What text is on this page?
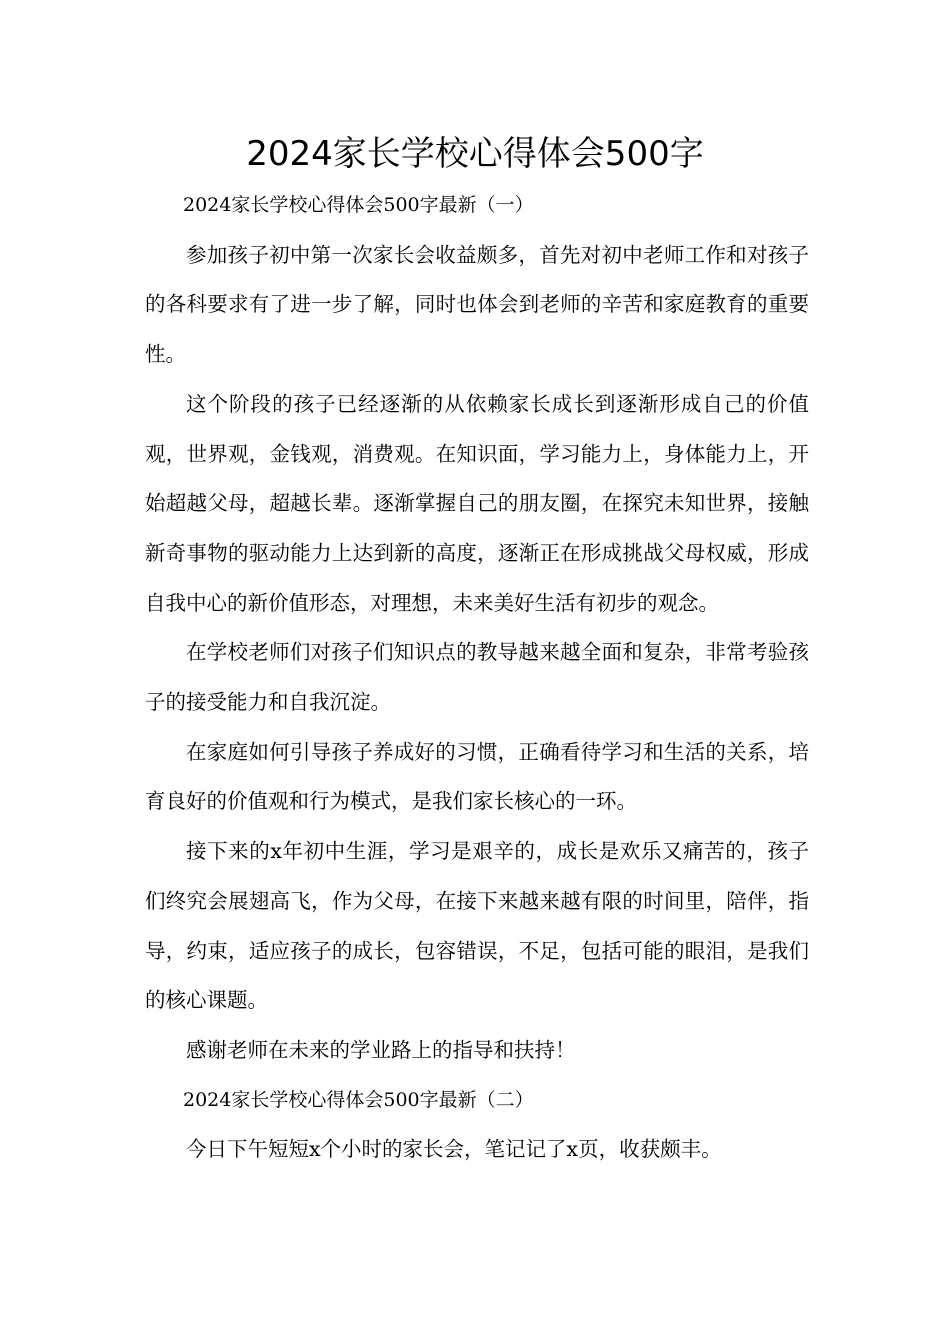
2024家长学校心得体会500字

2024家长学校心得体会500字最新（一）

参加孩子初中第一次家长会收益颇多，首先对初中老师工作和对孩子的各科要求有了进一步了解，同时也体会到老师的辛苦和家庭教育的重要性。

这个阶段的孩子已经逐渐的从依赖家长成长到逐渐形成自己的价值观，世界观，金钱观，消费观。在知识面，学习能力上，身体能力上，开始超越父母，超越长辈。逐渐掌握自己的朋友圈，在探究未知世界，接触新奇事物的驱动能力上达到新的高度，逐渐正在形成挑战父母权威，形成自我中心的新价值形态，对理想，未来美好生活有初步的观念。

在学校老师们对孩子们知识点的教导越来越全面和复杂，非常考验孩子的接受能力和自我沉淀。

在家庭如何引导孩子养成好的习惯，正确看待学习和生活的关系，培育良好的价值观和行为模式，是我们家长核心的一环。

接下来的x年初中生涯，学习是艰辛的，成长是欢乐又痛苦的，孩子们终究会展翅高飞，作为父母，在接下来越来越有限的时间里，陪伴，指导，约束，适应孩子的成长，包容错误，不足，包括可能的眼泪，是我们的核心课题。

感谢老师在未来的学业路上的指导和扶持！

2024家长学校心得体会500字最新（二）

今日下午短短x个小时的家长会，笔记记了x页，收获颇丰。
